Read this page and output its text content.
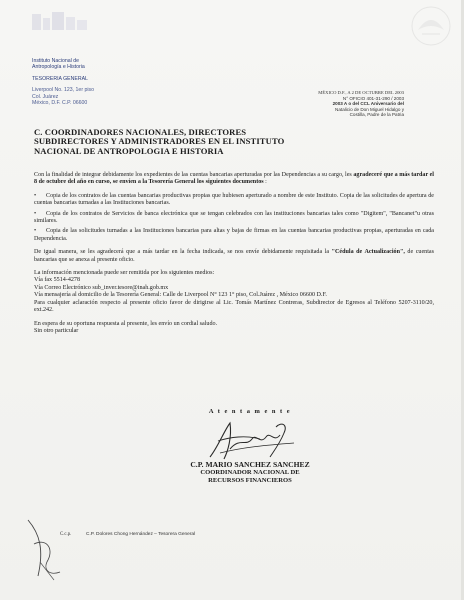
Instituto Nacional de
Antropología e Historia
TESORERIA GENERAL
Liverpool No. 123, 1er piso
Col. Juárez
México, D.F. C.P. 06600
MÉXICO D.F., A 2 DE OCTUBRE DEL 2003
N° OFICIO 401-31-290 / 2003
2003 A o del CCL Aniversario del
Natalicio de Don Miguel Hidalgo y
Costilla, Padre de la Patria
C. COORDINADORES NACIONALES, DIRECTORES SUBDIRECTORES Y ADMINISTRADORES EN EL INSTITUTO NACIONAL DE ANTROPOLOGIA E HISTORIA

Con la finalidad de integrar debidamente los expedientes de las cuentas bancarias aperturadas por las Dependencias a su cargo, les agradeceré que a más tardar el 8 de octubre del año en curso, se envíen a la Tesorería General los siguientes documentos :

• Copia de los contratos de las cuentas bancarias productivas propias que hubiesen aperturado a nombre de este Instituto. Copia de las solicitudes de apertura de cuentas bancarias turnadas a las Instituciones bancarias.

• Copia de los contratos de Servicios de banca electrónica que se tengan celebrados con las instituciones bancarias tales como "Digitem", "Bancanet"u otras similares.

• Copia de las solicitudes turnadas a las Instituciones bancarias para altas y bajas de firmas en las cuentas bancarias productivas propias, aperturadas en cada Dependencia.

De igual manera, se les agradecerá que a más tardar en la fecha indicada, se nos envíe debidamente requisitada la "Cédula de Actualización", de cuentas bancarias que se anexa al presente oficio.

La información mencionada puede ser remitida por los siguientes medios:
Vía fax 5514-4278
Vía Correo Electrónico sub_inver.tesore@inah.gob.mx
Vía mensajería al domicilio de la Tesorería General: Calle de Liverpool N° 123 1° piso, Col.Juárez , México 06600 D.F.
Para cualquier aclaración respecto al presente oficio favor de dirigirse al Lic. Tomás Martínez Contreras, Subdirector de Egresos al Teléfono 5207-3110/20, ext.242.
En espera de su oportuna respuesta al presente, les envío un cordial saludo.
Sin otro particular
A t e n t a m e n t e
C.P. MARIO SANCHEZ SANCHEZ
COORDINADOR NACIONAL DE
RECURSOS FINANCIEROS
C.c.p.	C.P. Dolores Chong Hernández – Tesorera General
